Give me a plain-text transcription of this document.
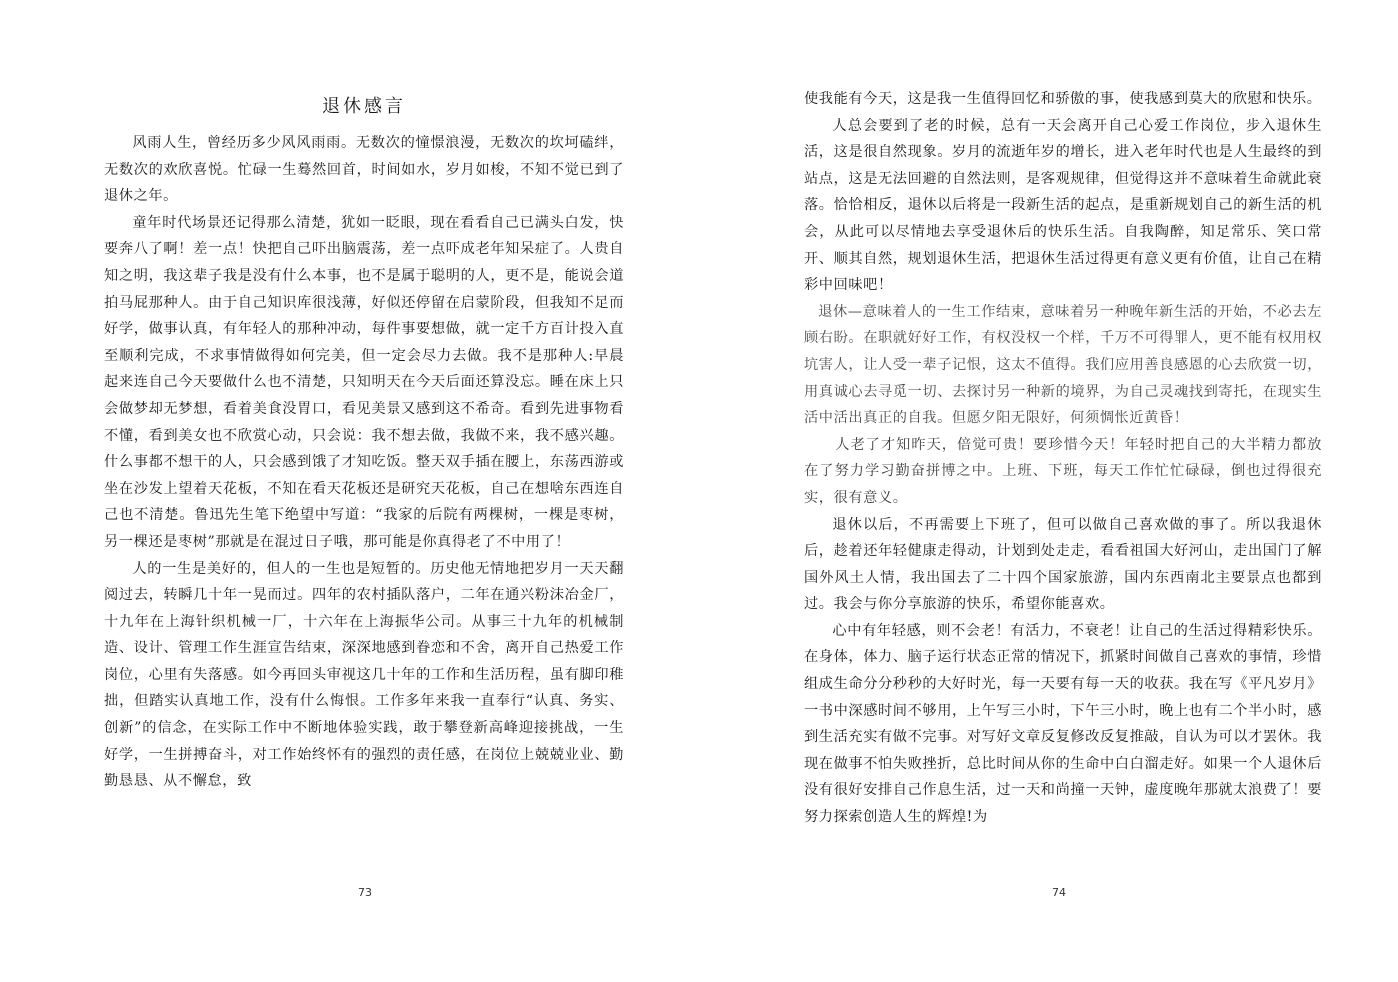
退休感言

风雨人生，曾经历多少风风雨雨。无数次的憧憬浪漫，无数次的坎坷磕绊，无数次的欢欣喜悦。忙碌一生蓦然回首，时间如水，岁月如梭，不知不觉已到了退休之年。

童年时代场景还记得那么清楚，犹如一眨眼，现在看看自己已满头白发，快要奔八了啊！差一点！快把自己吓出脑震荡，差一点吓成老年知呆症了。人贵自知之明，我这辈子我是没有什么本事，也不是属于聪明的人，更不是，能说会道拍马屁那种人。由于自己知识库很浅薄，好似还停留在启蒙阶段，但我知不足而好学，做事认真，有年轻人的那种冲动，每件事要想做，就一定千方百计投入直至顺利完成，不求事情做得如何完美，但一定会尽力去做。我不是那种人:早晨起来连自己今天要做什么也不清楚，只知明天在今天后面还算没忘。睡在床上只会做梦却无梦想，看着美食没胃口，看见美景又感到这不希奇。看到先进事物看不懂，看到美女也不欣赏心动，只会说：我不想去做，我做不来，我不感兴趣。什么事都不想干的人，只会感到饿了才知吃饭。整天双手插在腰上，东荡西游或坐在沙发上望着天花板，不知在看天花板还是研究天花板，自己在想啥东西连自己也不清楚。鲁迅先生笔下绝望中写道：“我家的后院有两棵树，一棵是枣树，另一棵还是枣树”那就是在混过日子哦，那可能是你真得老了不中用了！

人的一生是美好的，但人的一生也是短暂的。历史他无情地把岁月一天天翻阅过去，转瞬几十年一晃而过。四年的农村插队落户，二年在通兴粉沫冶金厂，十九年在上海针织机械一厂，十六年在上海振华公司。从事三十九年的机械制造、设计、管理工作生涯宣告结束，深深地感到眷恋和不舍，离开自己热爱工作岗位，心里有失落感。如今再回头审视这几十年的工作和生活历程，虽有脚印稚拙，但踏实认真地工作，没有什么悔恨。工作多年来我一直奉行“认真、务实、创新”的信念，在实际工作中不断地体验实践，敢于攀登新高峰迎接挑战，一生好学，一生拼搏奋斗，对工作始终怀有的强烈的责任感，在岗位上兢兢业业、勤勤恳恳、从不懈怠，致

73

使我能有今天，这是我一生值得回忆和骄傲的事，使我感到莫大的欣慰和快乐。

人总会要到了老的时候，总有一天会离开自己心爱工作岗位，步入退休生活，这是很自然现象。岁月的流逝年岁的增长，进入老年时代也是人生最终的到站点，这是无法回避的自然法则，是客观规律，但觉得这并不意味着生命就此衰落。恰恰相反，退休以后将是一段新生活的起点，是重新规划自己的新生活的机会，从此可以尽情地去享受退休后的快乐生活。自我陶醉，知足常乐、笑口常开、顺其自然，规划退休生活，把退休生活过得更有意义更有价值，让自己在精彩中回味吧！

退休—意味着人的一生工作结束，意味着另一种晚年新生活的开始，不必去左顾右盼。在职就好好工作，有权没权一个样，千万不可得罪人，更不能有权用权坑害人，让人受一辈子记恨，这太不值得。我们应用善良感恩的心去欣赏一切，用真诚心去寻觅一切、去探讨另一种新的境界，为自己灵魂找到寄托，在现实生活中活出真正的自我。但愿夕阳无限好，何须惆怅近黄昏！

人老了才知昨天，倍觉可贵！要珍惜今天！年轻时把自己的大半精力都放在了努力学习勤奋拼博之中。上班、下班，每天工作忙忙碌碌，倒也过得很充实，很有意义。

退休以后，不再需要上下班了，但可以做自己喜欢做的事了。所以我退休后，趁着还年轻健康走得动，计划到处走走，看看祖国大好河山，走出国门了解国外风土人情，我出国去了二十四个国家旅游，国内东西南北主要景点也都到过。我会与你分享旅游的快乐，希望你能喜欢。

心中有年轻感，则不会老！有活力，不衰老！让自己的生活过得精彩快乐。在身体，体力、脑子运行状态正常的情况下，抓紧时间做自己喜欢的事情，珍惜组成生命分分秒秒的大好时光，每一天要有每一天的收获。我在写《平凡岁月》一书中深感时间不够用，上午写三小时，下午三小时，晚上也有二个半小时，感到生活充实有做不完事。对写好文章反复修改反复推敲，自认为可以才罢休。我现在做事不怕失败挫折，总比时间从你的生命中白白溜走好。如果一个人退休后没有很好安排自己作息生活，过一天和尚撞一天钟，虚度晚年那就太浪费了！要努力探索创造人生的辉煌!为

74
